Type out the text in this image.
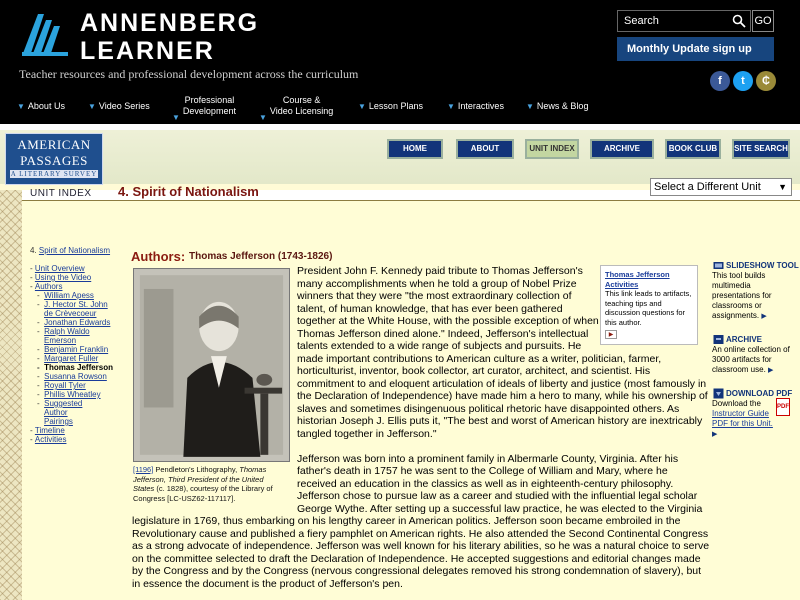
ANNENBERG
LEARNER
Teacher resources and professional development across the curriculum
Search	GO
Monthly Update sign up
f	t	₵
▼ About Us	▼ Video Series
▼Professional
Development
▼Course &
Video Licensing	▼ Lesson Plans	▼ Interactives	▼ News & Blog
AMERICAN
PASSAGES
A LITERARY SURVEY
HOME	ABOUT	UNIT INDEX	ARCHIVE	BOOK CLUB	SITE SEARCH
UNIT INDEX 4. Spirit of Nationalism	Select a Different Unit ▼
4. Spirit of Nationalism
- Unit Overview
- Using the Video
- Authors
-  William Apess
-  J. Hector St. John
de Crèvecoeur
-  Jonathan Edwards
-  Ralph Waldo
Emerson
-  Benjamin Franklin
-  Margaret Fuller
-  Thomas Jefferson
-  Susanna Rowson
-  Royall Tyler
-  Phillis Wheatley
-  Suggested
Author
Pairings
- Timeline
- Activities
Authors: Thomas Jefferson (1743-1826)
[1196] Pendleton's Lithography, Thomas
Jefferson, Third President of the United
States (c. 1828), courtesy of the Library of
Congress [LC-USZ62-117117].
President John F. Kennedy paid tribute to Thomas Jefferson's
many accomplishments when he told a group of Nobel Prize
winners that they were "the most extraordinary collection of
talent, of human knowledge, that has ever been gathered
together at the White House, with the possible exception of when
Thomas Jefferson dined alone." Indeed, Jefferson's intellectual
talents extended to a wide range of subjects and pursuits. He
made important contributions to American culture as a writer, politician, farmer,
horticulturist, inventor, book collector, art curator, architect, and scientist. His
commitment to and eloquent articulation of ideals of liberty and justice (most famously in
the Declaration of Independence) have made him a hero to many, while his ownership of
slaves and sometimes disingenuous political rhetoric have disappointed others. As
historian Joseph J. Ellis puts it, "The best and worst of American history are inextricably
tangled together in Jefferson."
Jefferson was born into a prominent family in Albermarle County, Virginia. After his
father's death in 1757 he was sent to the College of William and Mary, where he
received an education in the classics as well as in eighteenth-century philosophy.
Jefferson chose to pursue law as a career and studied with the influential legal scholar
George Wythe. After setting up a successful law practice, he was elected to the Virginia
legislature in 1769, thus embarking on his lengthy career in American politics. Jefferson soon became embroiled in the
Revolutionary cause and published a fiery pamphlet on American rights. He also attended the Second Continental Congress
as a strong advocate of independence. Jefferson was well known for his literary abilities, so he was a natural choice to serve
on the committee selected to draft the Declaration of Independence. He accepted suggestions and editorial changes made
by the Congress and by the Congress (nervous congressional delegates removed his strong condemnation of slavery), but
in essence the document is the product of Jefferson's pen.
Thomas Jefferson Activities
This link leads to artifacts, teaching tips and discussion questions for this author.
▶
SLIDESHOW TOOL
This tool builds multimedia presentations for classrooms or assignments. ▶
ARCHIVE
An online collection of 3000 artifacts for classroom use. ▶
DOWNLOAD PDF
Download the
Instructor Guide PDF for this Unit. ▶
PDF
